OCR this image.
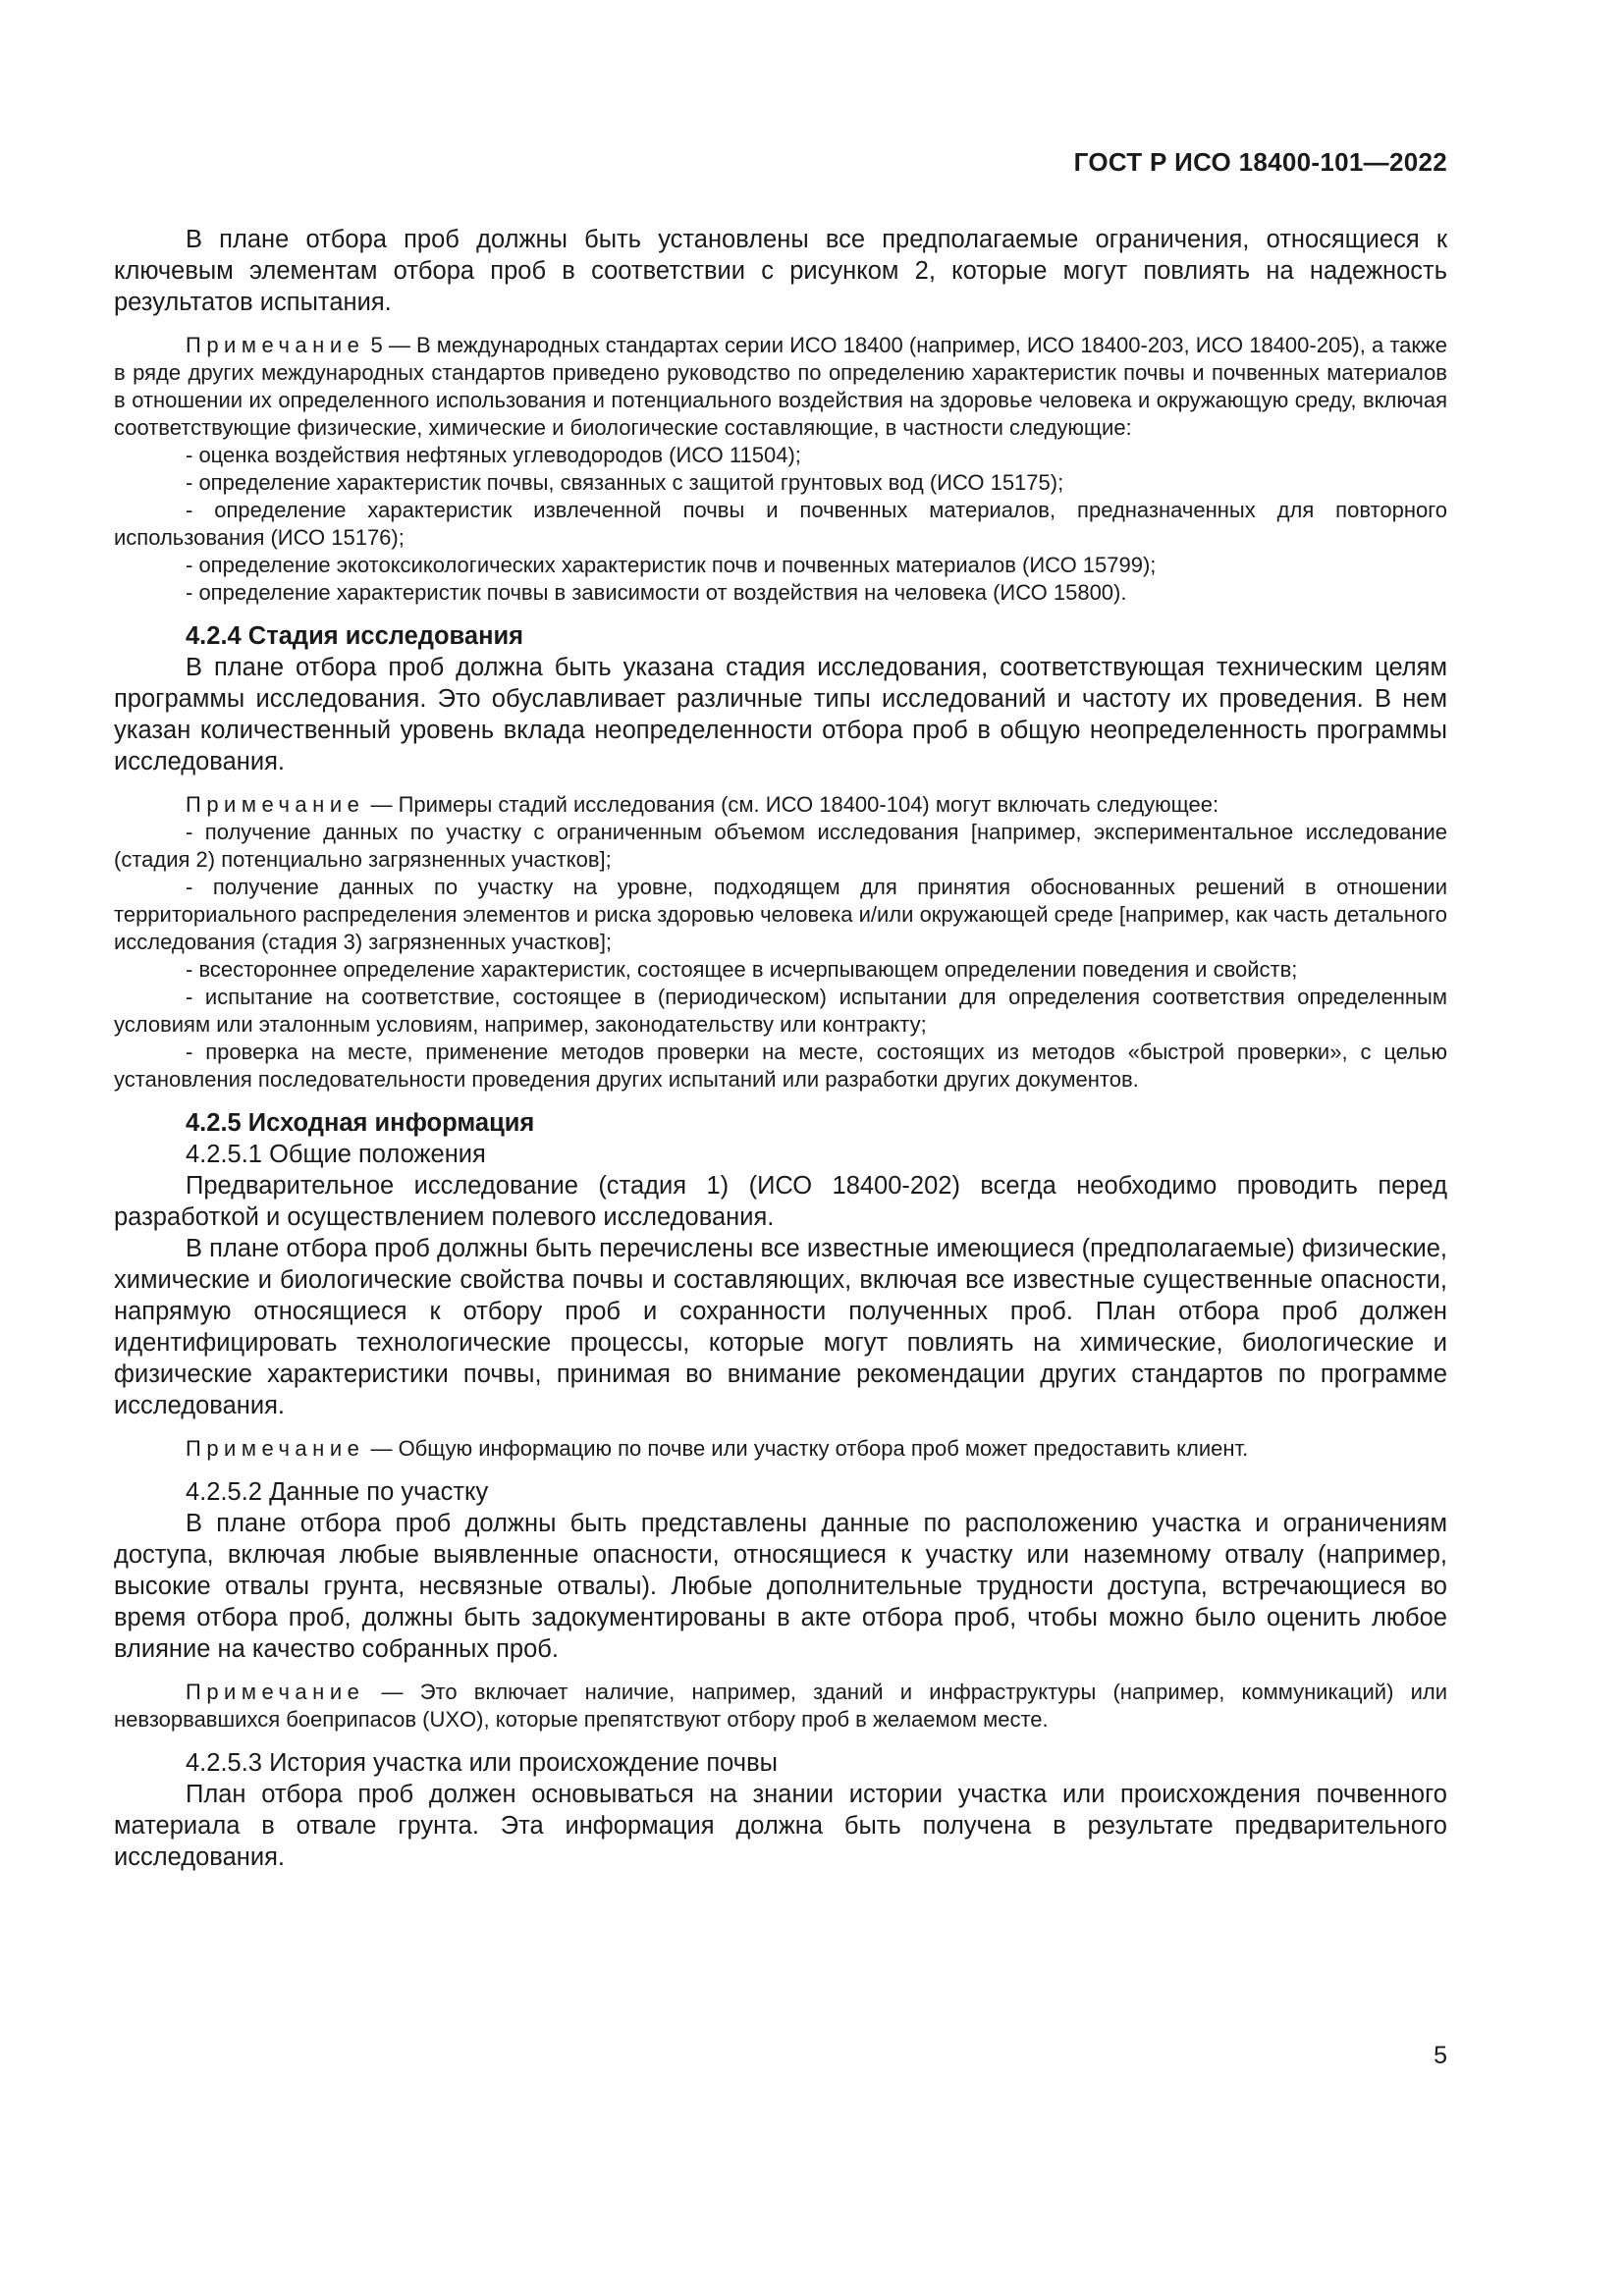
ГОСТ Р ИСО 18400-101—2022

В плане отбора проб должны быть установлены все предполагаемые ограничения, относящиеся к ключевым элементам отбора проб в соответствии с рисунком 2, которые могут повлиять на надежность результатов испытания.

Примечание 5 — В международных стандартах серии ИСО 18400 (например, ИСО 18400-203, ИСО 18400-205), а также в ряде других международных стандартов приведено руководство по определению характеристик почвы и почвенных материалов в отношении их определенного использования и потенциального воздействия на здоровье человека и окружающую среду, включая соответствующие физические, химические и биологические составляющие, в частности следующие:

- оценка воздействия нефтяных углеводородов (ИСО 11504);
- определение характеристик почвы, связанных с защитой грунтовых вод (ИСО 15175);
- определение характеристик извлеченной почвы и почвенных материалов, предназначенных для повторного использования (ИСО 15176);
- определение экотоксикологических характеристик почв и почвенных материалов (ИСО 15799);
- определение характеристик почвы в зависимости от воздействия на человека (ИСО 15800).

4.2.4 Стадия исследования

В плане отбора проб должна быть указана стадия исследования, соответствующая техническим целям программы исследования. Это обуславливает различные типы исследований и частоту их проведения. В нем указан количественный уровень вклада неопределенности отбора проб в общую неопределенность программы исследования.

Примечание — Примеры стадий исследования (см. ИСО 18400-104) могут включать следующее:

- получение данных по участку с ограниченным объемом исследования [например, экспериментальное исследование (стадия 2) потенциально загрязненных участков];
- получение данных по участку на уровне, подходящем для принятия обоснованных решений в отношении территориального распределения элементов и риска здоровью человека и/или окружающей среде [например, как часть детального исследования (стадия 3) загрязненных участков];
- всестороннее определение характеристик, состоящее в исчерпывающем определении поведения и свойств;
- испытание на соответствие, состоящее в (периодическом) испытании для определения соответствия определенным условиям или эталонным условиям, например, законодательству или контракту;
- проверка на месте, применение методов проверки на месте, состоящих из методов «быстрой проверки», с целью установления последовательности проведения других испытаний или разработки других документов.

4.2.5 Исходная информация

4.2.5.1 Общие положения

Предварительное исследование (стадия 1) (ИСО 18400-202) всегда необходимо проводить перед разработкой и осуществлением полевого исследования.

В плане отбора проб должны быть перечислены все известные имеющиеся (предполагаемые) физические, химические и биологические свойства почвы и составляющих, включая все известные существенные опасности, напрямую относящиеся к отбору проб и сохранности полученных проб. План отбора проб должен идентифицировать технологические процессы, которые могут повлиять на химические, биологические и физические характеристики почвы, принимая во внимание рекомендации других стандартов по программе исследования.

Примечание — Общую информацию по почве или участку отбора проб может предоставить клиент.

4.2.5.2 Данные по участку

В плане отбора проб должны быть представлены данные по расположению участка и ограничениям доступа, включая любые выявленные опасности, относящиеся к участку или наземному отвалу (например, высокие отвалы грунта, несвязные отвалы). Любые дополнительные трудности доступа, встречающиеся во время отбора проб, должны быть задокументированы в акте отбора проб, чтобы можно было оценить любое влияние на качество собранных проб.

Примечание — Это включает наличие, например, зданий и инфраструктуры (например, коммуникаций) или невзорвавшихся боеприпасов (UXO), которые препятствуют отбору проб в желаемом месте.

4.2.5.3 История участка или происхождение почвы

План отбора проб должен основываться на знании истории участка или происхождения почвенного материала в отвале грунта. Эта информация должна быть получена в результате предварительного исследования.

5
